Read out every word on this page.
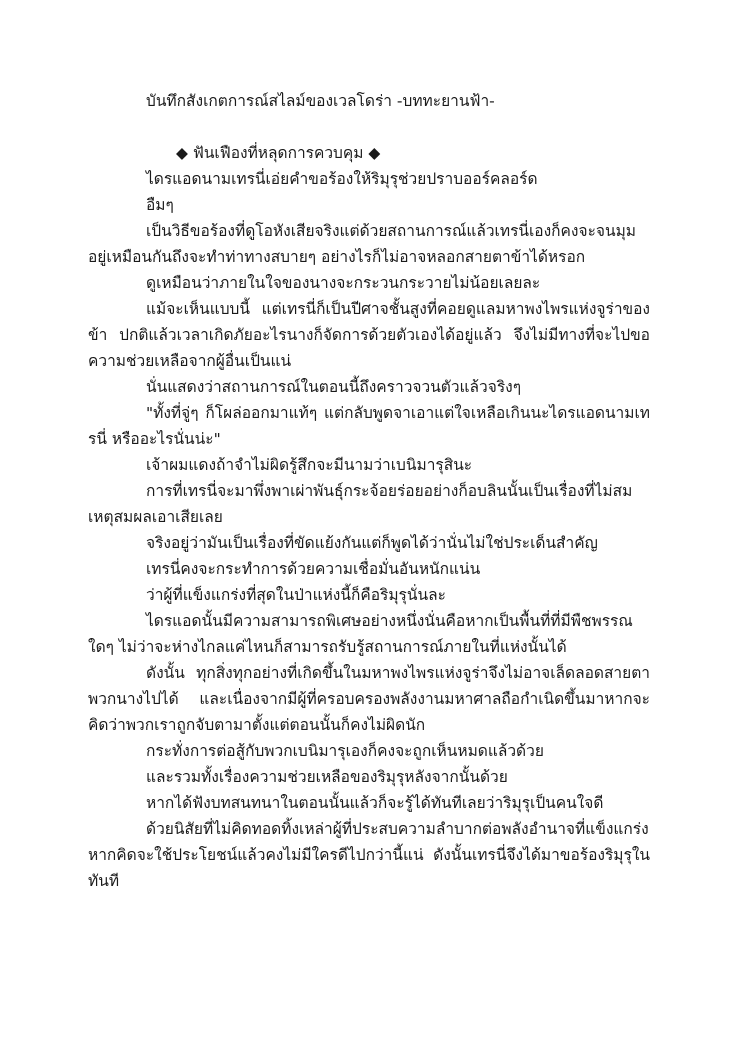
บันทึกสังเกตการณ์สไลม์ของเวลโดร่า -บททะยานฟ้า-

◆ ฟันเฟืองที่หลุดการควบคุม ◆

ไดรแอดนามเทรนี่เอ่ยคำขอร้องให้ริมุรุช่วยปราบออร์คลอร์ด

อืมๆ

เป็นวิธีขอร้องที่ดูโอหังเสียจริงแต่ด้วยสถานการณ์แล้วเทรนี่เองก็คงจะจนมุมอยู่เหมือนกันถึงจะทำท่าทางสบายๆ อย่างไรก็ไม่อาจหลอกสายตาข้าได้หรอก

ดูเหมือนว่าภายในใจของนางจะกระวนกระวายไม่น้อยเลยละ

แม้จะเห็นแบบนี้ แต่เทรนี่ก็เป็นปีศาจชั้นสูงที่คอยดูแลมหาพงไพรแห่งจูร่าของข้า ปกติแล้วเวลาเกิดภัยอะไรนางก็จัดการด้วยตัวเองได้อยู่แล้ว จึงไม่มีทางที่จะไปขอความช่วยเหลือจากผู้อื่นเป็นแน่

นั่นแสดงว่าสถานการณ์ในตอนนี้ถึงคราวจวนตัวแล้วจริงๆ

"ทั้งที่จู่ๆ ก็โผล่ออกมาแท้ๆ แต่กลับพูดจาเอาแต่ใจเหลือเกินนะไดรแอดนามเทรนี่ หรืออะไรนั่นน่ะ"

เจ้าผมแดงถ้าจำไม่ผิดรู้สึกจะมีนามว่าเบนิมารุสินะ

การที่เทรนี่จะมาพึ่งพาเผ่าพันธุ์กระจ้อยร่อยอย่างก็อบลินนั้นเป็นเรื่องที่ไม่สมเหตุสมผลเอาเสียเลย

จริงอยู่ว่ามันเป็นเรื่องที่ขัดแย้งกันแต่ก็พูดได้ว่านั่นไม่ใช่ประเด็นสำคัญ

เทรนี่คงจะกระทำการด้วยความเชื่อมั่นอันหนักแน่น

ว่าผู้ที่แข็งแกร่งที่สุดในป่าแห่งนี้ก็คือริมุรุนั่นละ

ไดรแอดนั้นมีความสามารถพิเศษอย่างหนึ่งนั่นคือหากเป็นพื้นที่ที่มีพืชพรรณใดๆ ไม่ว่าจะห่างไกลแค่ไหนก็สามารถรับรู้สถานการณ์ภายในที่แห่งนั้นได้

ดังนั้น ทุกสิ่งทุกอย่างที่เกิดขึ้นในมหาพงไพรแห่งจูร่าจึงไม่อาจเล็ดลอดสายตาพวกนางไปได้ และเนื่องจากมีผู้ที่ครอบครองพลังงานมหาศาลถือกำเนิดขึ้นมาหากจะคิดว่าพวกเราถูกจับตามาตั้งแต่ตอนนั้นก็คงไม่ผิดนัก

กระทั่งการต่อสู้กับพวกเบนิมารุเองก็คงจะถูกเห็นหมดแล้วด้วย

และรวมทั้งเรื่องความช่วยเหลือของริมุรุหลังจากนั้นด้วย

หากได้ฟังบทสนทนาในตอนนั้นแล้วก็จะรู้ได้ทันทีเลยว่าริมุรุเป็นคนใจดี

ด้วยนิสัยที่ไม่คิดทอดทิ้งเหล่าผู้ที่ประสบความลำบากต่อพลังอำนาจที่แข็งแกร่ง หากคิดจะใช้ประโยชน์แล้วคงไม่มีใครดีไปกว่านี้แน่ ดังนั้นเทรนี่จึงได้มาขอร้องริมุรุในทันที
